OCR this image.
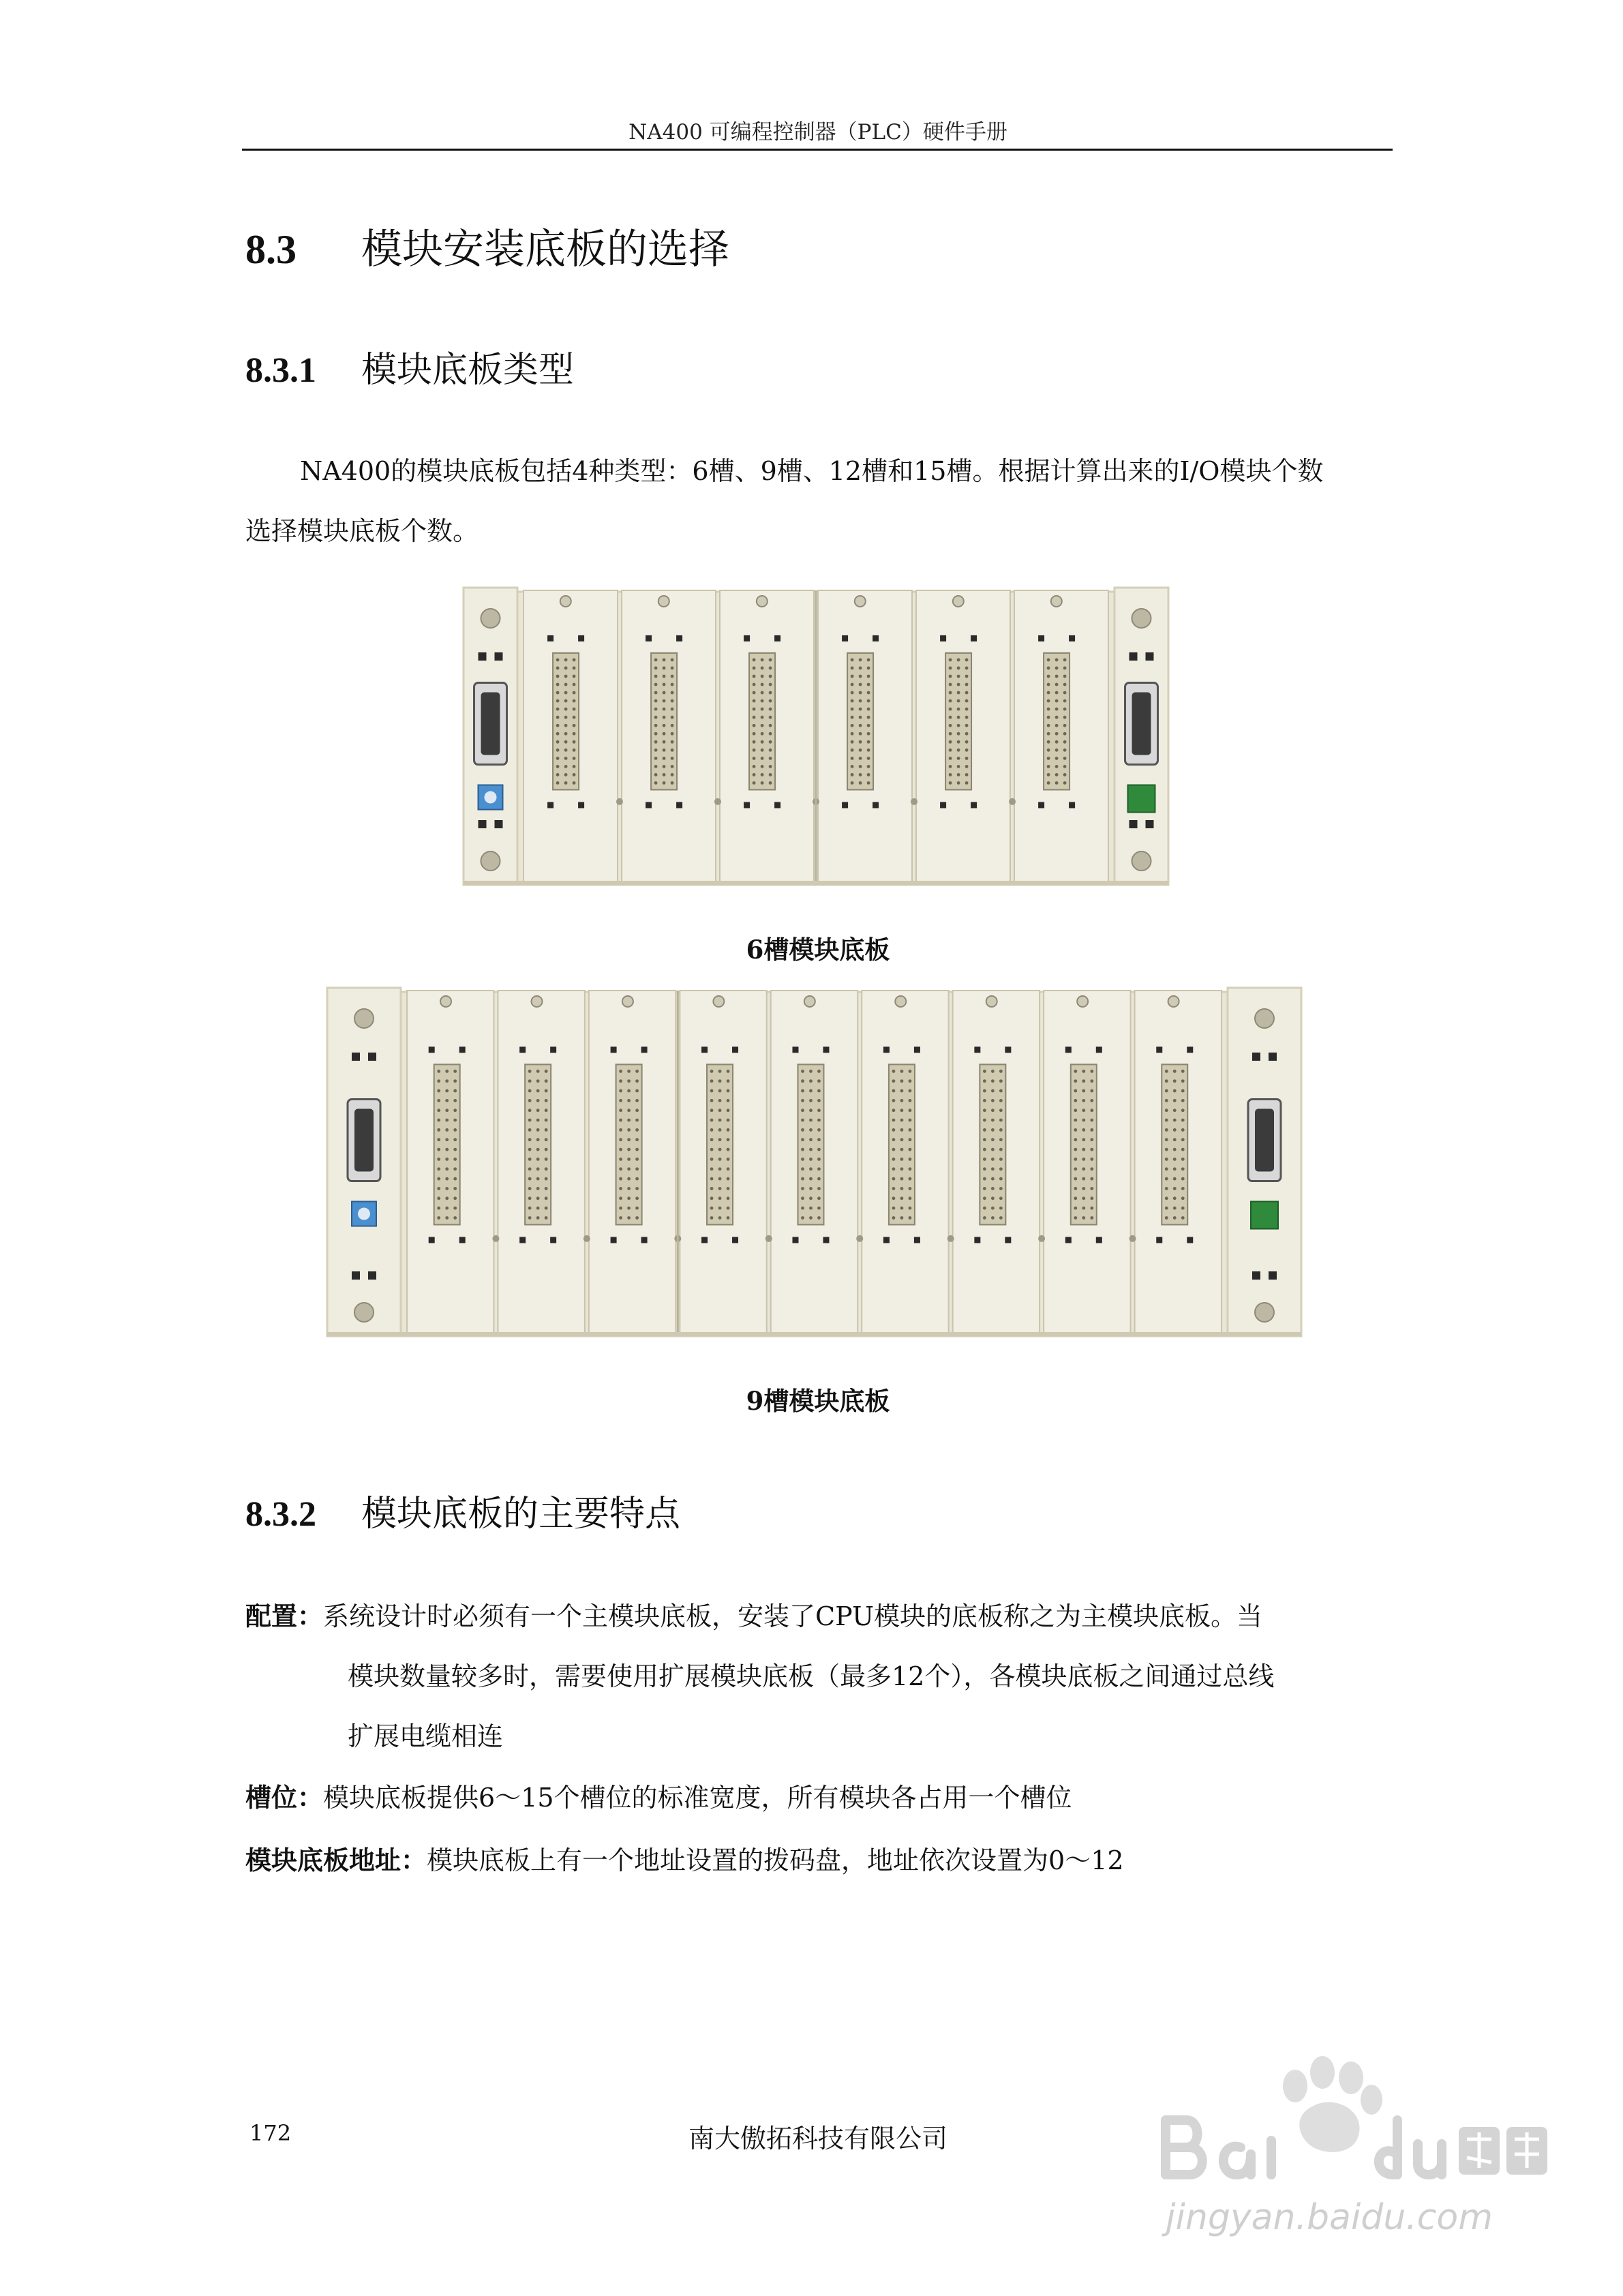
NA400 可编程控制器（PLC）硬件手册
8.3 模块安装底板的选择
8.3.1 模块底板类型
NA400的模块底板包括4种类型：6槽、9槽、12槽和15槽。根据计算出来的I/O模块个数
选择模块底板个数。
6槽模块底板
9槽模块底板
8.3.2 模块底板的主要特点
配置：系统设计时必须有一个主模块底板，安装了CPU模块的底板称之为主模块底板。当
模块数量较多时，需要使用扩展模块底板（最多12个），各模块底板之间通过总线
扩展电缆相连
槽位：模块底板提供6～15个槽位的标准宽度，所有模块各占用一个槽位
模块底板地址：模块底板上有一个地址设置的拨码盘，地址依次设置为0～12
172	南大傲拓科技有限公司
jingyan.baidu.com
